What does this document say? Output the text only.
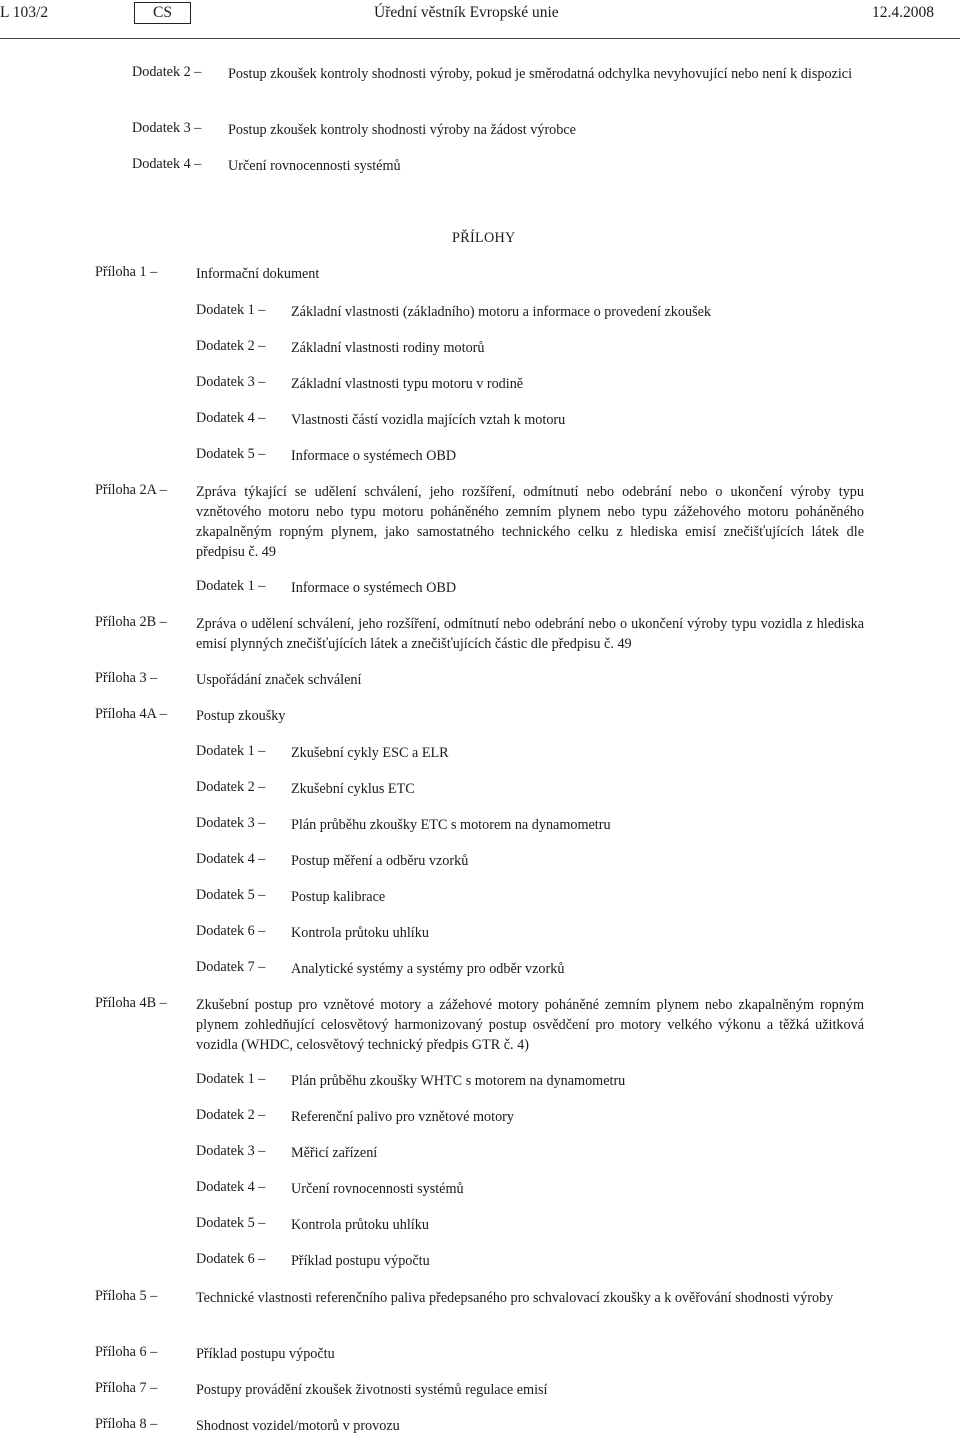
L 103/2	CS	Úřední věstník Evropské unie	12.4.2008
Dodatek 2 – Postup zkoušek kontroly shodnosti výroby, pokud je směrodatná odchylka nevyhovující nebo není k dispozici
Dodatek 3 – Postup zkoušek kontroly shodnosti výroby na žádost výrobce
Dodatek 4 – Určení rovnocennosti systémů
PŘÍLOHY
Příloha 1 –	Informační dokument
Dodatek 1 – Základní vlastnosti (základního) motoru a informace o provedení zkoušek
Dodatek 2 – Základní vlastnosti rodiny motorů
Dodatek 3 – Základní vlastnosti typu motoru v rodině
Dodatek 4 – Vlastnosti částí vozidla majících vztah k motoru
Dodatek 5 – Informace o systémech OBD
Příloha 2A – Zpráva týkající se udělení schválení, jeho rozšíření, odmítnutí nebo odebrání nebo o ukončení výroby typu vznětového motoru nebo typu motoru poháněného zemním plynem nebo typu zážehového motoru poháněného zkapalněným ropným plynem, jako samostatného technického celku z hlediska emisí znečišťujících látek dle předpisu č. 49
Dodatek 1 – Informace o systémech OBD
Příloha 2B – Zpráva o udělení schválení, jeho rozšíření, odmítnutí nebo odebrání nebo o ukončení výroby typu vozidla z hlediska emisí plynných znečišťujících látek a znečišťujících částic dle předpisu č. 49
Příloha 3 –	Uspořádání značek schválení
Příloha 4A – Postup zkoušky
Dodatek 1 – Zkušební cykly ESC a ELR
Dodatek 2 – Zkušební cyklus ETC
Dodatek 3 – Plán průběhu zkoušky ETC s motorem na dynamometru
Dodatek 4 – Postup měření a odběru vzorků
Dodatek 5 – Postup kalibrace
Dodatek 6 – Kontrola průtoku uhlíku
Dodatek 7 – Analytické systémy a systémy pro odběr vzorků
Příloha 4B – Zkušební postup pro vznětové motory a zážehové motory poháněné zemním plynem nebo zkapalněným ropným plynem zohledňující celosvětový harmonizovaný postup osvědčení pro motory velkého výkonu a těžká užitková vozidla (WHDC, celosvětový technický předpis GTR č. 4)
Dodatek 1 – Plán průběhu zkoušky WHTC s motorem na dynamometru
Dodatek 2 – Referenční palivo pro vznětové motory
Dodatek 3 – Měřicí zařízení
Dodatek 4 – Určení rovnocennosti systémů
Dodatek 5 – Kontrola průtoku uhlíku
Dodatek 6 – Příklad postupu výpočtu
Příloha 5 –	Technické vlastnosti referenčního paliva předepsaného pro schvalovací zkoušky a k ověřování shodnosti výroby
Příloha 6 –	Příklad postupu výpočtu
Příloha 7 –	Postupy provádění zkoušek životnosti systémů regulace emisí
Příloha 8 –	Shodnost vozidel/motorů v provozu
